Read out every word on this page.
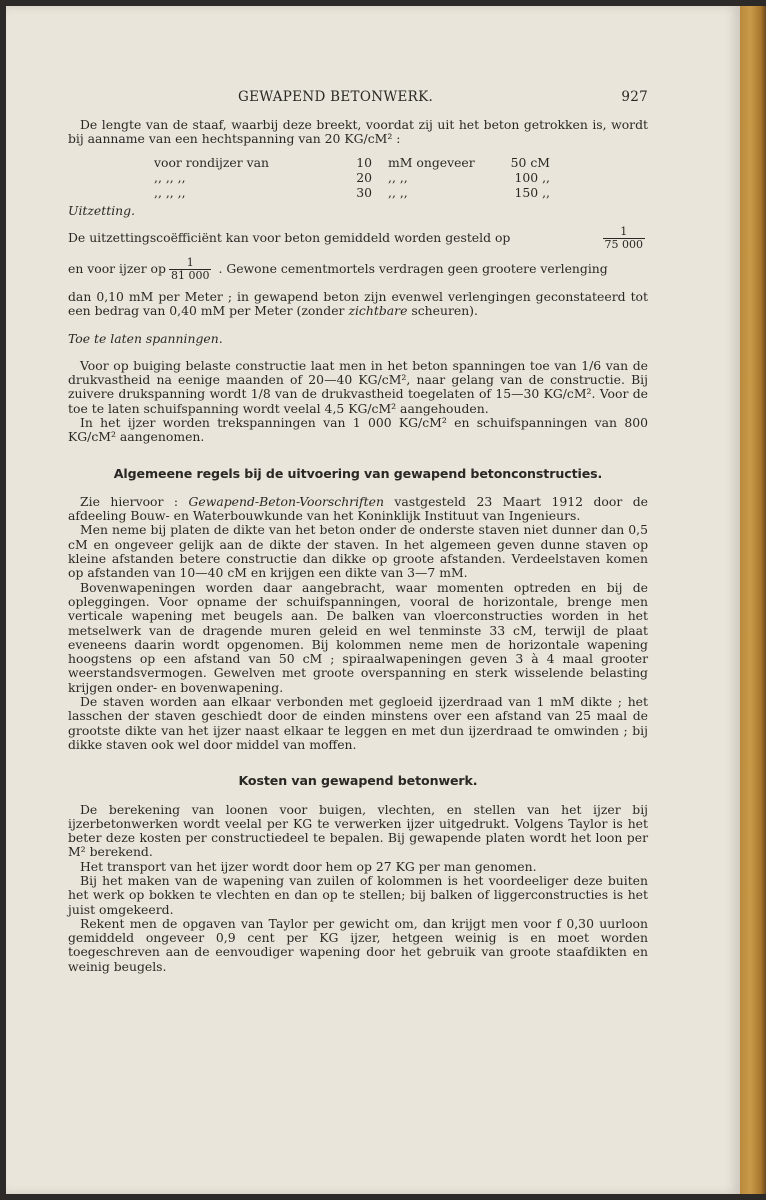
GEWAPEND BETONWERK.	927

De lengte van de staaf, waarbij deze breekt, voordat zij uit het beton getrokken is, wordt bij aanname van een hechtspanning van 20 KG/cM² :

voor rondijzer van	10	mM ongeveer	50 cM
,, ,, ,,	20	,, ,,	100 ,,
,, ,, ,,	30	,, ,,	150 ,,

Uitzetting.

De uitzettingscoëfficiënt kan voor beton gemiddeld worden gesteld op	$\frac{1}{75 000}$
en voor ijzer op $\frac{1}{81 000}$ . Gewone cementmortels verdragen geen grootere verlenging

dan 0,10 mM per Meter ; in gewapend beton zijn evenwel verlengingen geconstateerd tot een bedrag van 0,40 mM per Meter (zonder zichtbare scheuren).

Toe te laten spanningen.

Voor op buiging belaste constructie laat men in het beton spanningen toe van 1/6 van de drukvastheid na eenige maanden of 20—40 KG/cM², naar gelang van de constructie. Bij zuivere drukspanning wordt 1/8 van de drukvastheid toegelaten of 15—30 KG/cM². Voor de toe te laten schuifspanning wordt veelal 4,5 KG/cM² aangehouden.

In het ijzer worden trekspanningen van 1 000 KG/cM² en schuifspanningen van 800 KG/cM² aangenomen.

Algemeene regels bij de uitvoering van gewapend betonconstructies.

Zie hiervoor : Gewapend-Beton-Voorschriften vastgesteld 23 Maart 1912 door de afdeeling Bouw- en Waterbouwkunde van het Koninklijk Instituut van Ingenieurs.

Men neme bij platen de dikte van het beton onder de onderste staven niet dunner dan 0,5 cM en ongeveer gelijk aan de dikte der staven. In het algemeen geven dunne staven op kleine afstanden betere constructie dan dikke op groote afstanden. Verdeelstaven komen op afstanden van 10—40 cM en krijgen een dikte van 3—7 mM.

Bovenwapeningen worden daar aangebracht, waar momenten optreden en bij de opleggingen. Voor opname der schuifspanningen, vooral de horizontale, brenge men verticale wapening met beugels aan. De balken van vloerconstructies worden in het metselwerk van de dragende muren geleid en wel tenminste 33 cM, terwijl de plaat eveneens daarin wordt opgenomen. Bij kolommen neme men de horizontale wapening hoogstens op een afstand van 50 cM ; spiraalwapeningen geven 3 à 4 maal grooter weerstandsvermogen. Gewelven met groote overspanning en sterk wisselende belasting krijgen onder- en bovenwapening.

De staven worden aan elkaar verbonden met gegloeid ijzerdraad van 1 mM dikte ; het lasschen der staven geschiedt door de einden minstens over een afstand van 25 maal de grootste dikte van het ijzer naast elkaar te leggen en met dun ijzerdraad te omwinden ; bij dikke staven ook wel door middel van moffen.

Kosten van gewapend betonwerk.

De berekening van loonen voor buigen, vlechten, en stellen van het ijzer bij ijzerbetonwerken wordt veelal per KG te verwerken ijzer uitgedrukt. Volgens Taylor is het beter deze kosten per constructiedeel te bepalen. Bij gewapende platen wordt het loon per M² berekend.

Het transport van het ijzer wordt door hem op 27 KG per man genomen.

Bij het maken van de wapening van zuilen of kolommen is het voordeeliger deze buiten het werk op bokken te vlechten en dan op te stellen; bij balken of liggerconstructies is het juist omgekeerd.

Rekent men de opgaven van Taylor per gewicht om, dan krijgt men voor f 0,30 uurloon gemiddeld ongeveer 0,9 cent per KG ijzer, hetgeen weinig is en moet worden toegeschreven aan de eenvoudiger wapening door het gebruik van groote staafdikten en weinig beugels.
